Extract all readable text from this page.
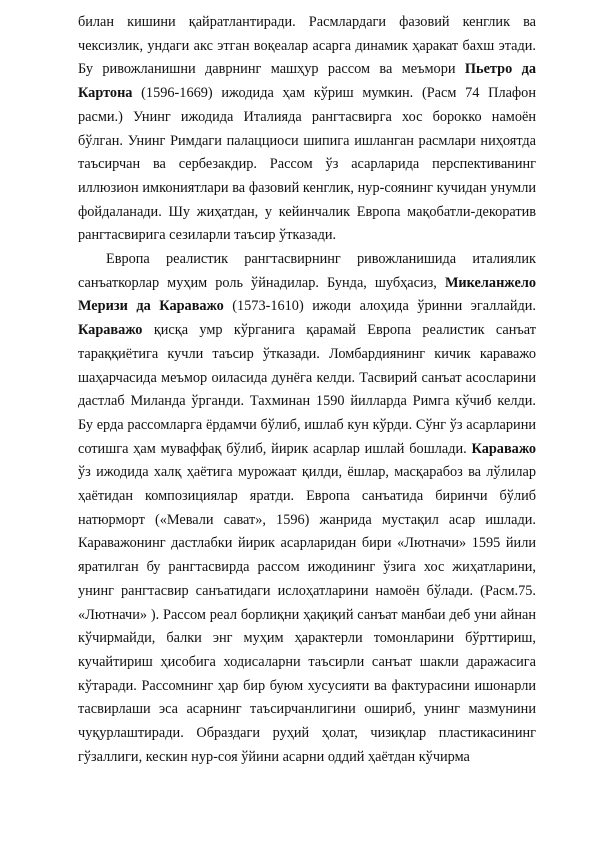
билан кишини қайратлантиради. Расмлардаги фазовий кенглик ва чексизлик, ундаги акс этган воқеалар асарга динамик ҳаракат бахш этади. Бу ривожланишни даврнинг машҳур рассом ва меъмори Пьетро да Картона (1596-1669) ижодида ҳам кўриш мумкин. (Расм 74 Плафон расми.) Унинг ижодида Италияда рангтасвирга хос борокко намоён бўлган. Унинг Римдаги палацциоси шипига ишланган расмлари ниҳоятда таъсирчан ва сербезакдир. Рассом ўз асарларида перспективанинг иллюзион имкониятлари ва фазовий кенглик, нур-соянинг кучидан унумли фойдаланади. Шу жиҳатдан, у кейинчалик Европа мақобатли-декоратив рангтасвирига сезиларли таъсир ўтказади.

Европа реалистик рангтасвирнинг ривожланишида италиялик санъаткорлар муҳим роль ўйнадилар. Бунда, шубҳасиз, Микеланжело Меризи да Караважо (1573-1610) ижоди алоҳида ўринни эгаллайди. Караважо қисқа умр кўрганига қарамай Европа реалистик санъат тараққиётига кучли таъсир ўтказади. Ломбардиянинг кичик караважо шаҳарчасида меъмор оиласида дунёга келди. Тасвирий санъат асосларини дастлаб Миланда ўрганди. Тахминан 1590 йилларда Римга кўчиб келди. Бу ерда рассомларга ёрдамчи бўлиб, ишлаб кун кўрди. Сўнг ўз асарларини сотишга ҳам муваффақ бўлиб, йирик асарлар ишлай бошлади. Караважо ўз ижодида халқ ҳаётига мурожаат қилди, ёшлар, масқарабоз ва лўлилар ҳаётидан композициялар яратди. Европа санъатида биринчи бўлиб натюрморт («Мевали сават», 1596) жанрида мустақил асар ишлади. Караважонинг дастлабки йирик асарларидан бири «Лютначи» 1595 йили яратилган бу рангтасвирда рассом ижодининг ўзига хос жиҳатларини, унинг рангтасвир санъатидаги ислоҳатларини намоён бўлади. (Расм.75. «Лютначи» ). Рассом реал борлиқни ҳақиқий санъат манбаи деб уни айнан кўчирмайди, балки энг муҳим ҳарактерли томонларини бўрттириш, кучайтириш ҳисобига ходисаларни таъсирли санъат шакли даражасига кўтаради. Рассомнинг ҳар бир буюм хусусияти ва фактурасини ишонарли тасвирлаши эса асарнинг таъсирчанлигини ошириб, унинг мазмунини чуқурлаштиради. Образдаги руҳий ҳолат, чизиқлар пластикасининг гўзаллиги, кескин нур-соя ўйини асарни оддий ҳаётдан кўчирма
